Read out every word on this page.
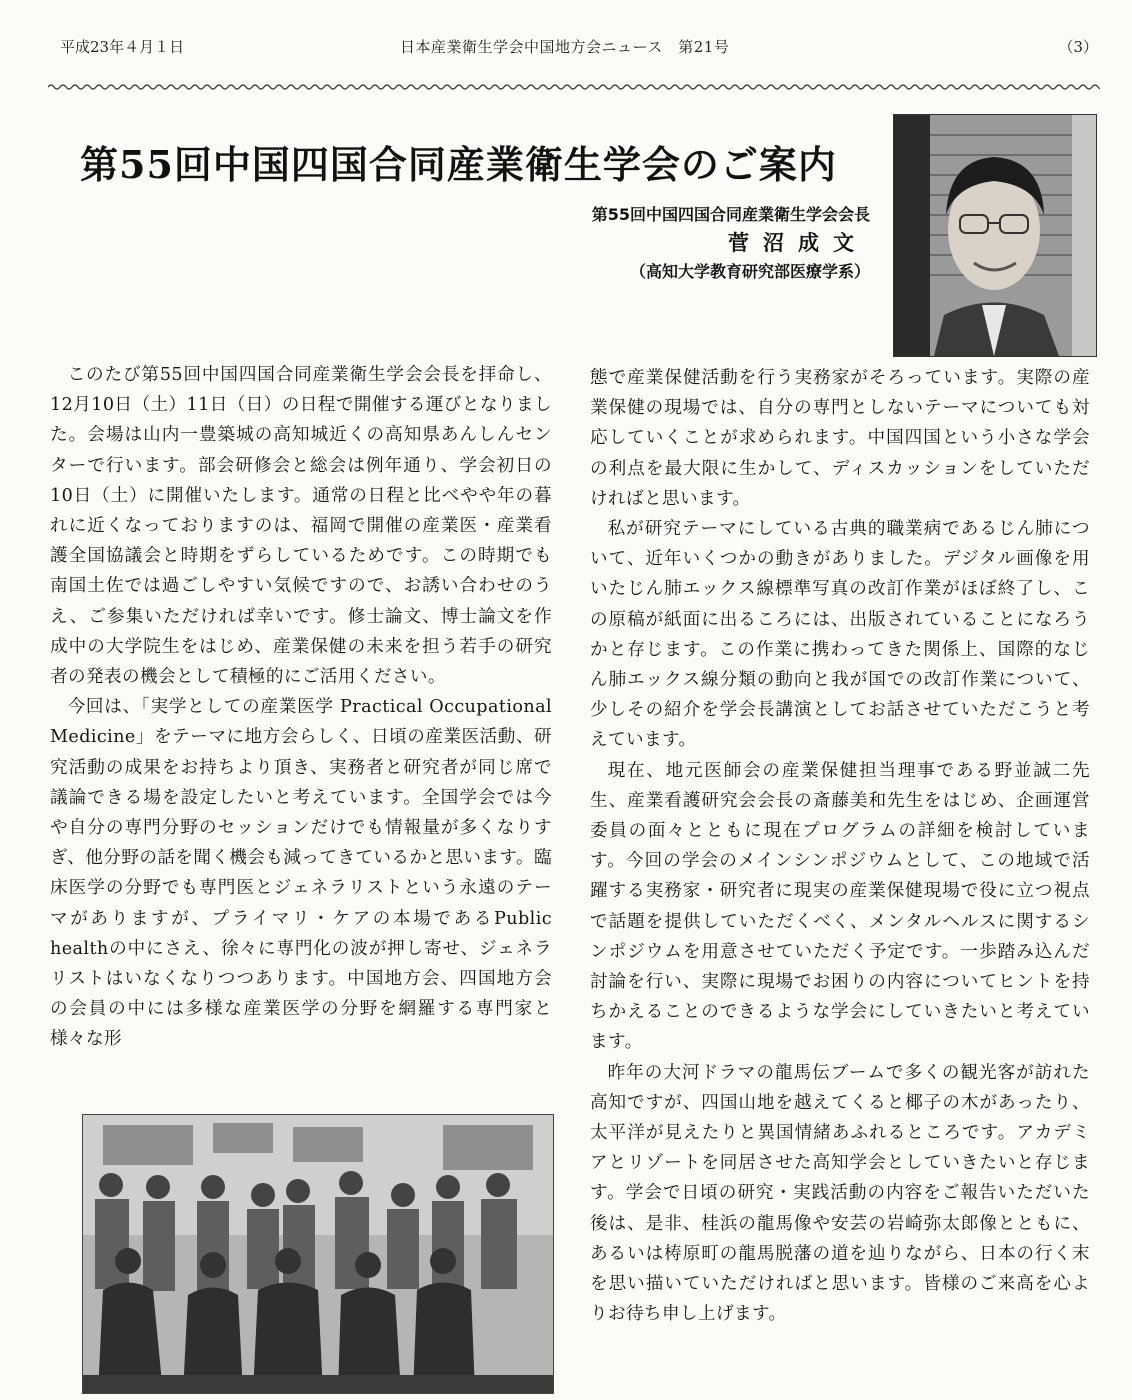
平成23年４月１日	日本産業衛生学会中国地方会ニュース　第21号	（3）
第55回中国四国合同産業衛生学会のご案内
第55回中国四国合同産業衛生学会会長
菅沼成文
（高知大学教育研究部医療学系）

このたび第55回中国四国合同産業衛生学会会長を拝命し、12月10日（土）11日（日）の日程で開催する運びとなりました。会場は山内一豊築城の高知城近くの高知県あんしんセンターで行います。部会研修会と総会は例年通り、学会初日の10日（土）に開催いたします。通常の日程と比べやや年の暮れに近くなっておりますのは、福岡で開催の産業医・産業看護全国協議会と時期をずらしているためです。この時期でも南国土佐では過ごしやすい気候ですので、お誘い合わせのうえ、ご参集いただければ幸いです。修士論文、博士論文を作成中の大学院生をはじめ、産業保健の未来を担う若手の研究者の発表の機会として積極的にご活用ください。

今回は、「実学としての産業医学 Practical Occupational Medicine」をテーマに地方会らしく、日頃の産業医活動、研究活動の成果をお持ちより頂き、実務者と研究者が同じ席で議論できる場を設定したいと考えています。全国学会では今や自分の専門分野のセッションだけでも情報量が多くなりすぎ、他分野の話を聞く機会も減ってきているかと思います。臨床医学の分野でも専門医とジェネラリストという永遠のテーマがありますが、プライマリ・ケアの本場であるPublic healthの中にさえ、徐々に専門化の波が押し寄せ、ジェネラリストはいなくなりつつあります。中国地方会、四国地方会の会員の中には多様な産業医学の分野を網羅する専門家と様々な形

態で産業保健活動を行う実務家がそろっています。実際の産業保健の現場では、自分の専門としないテーマについても対応していくことが求められます。中国四国という小さな学会の利点を最大限に生かして、ディスカッションをしていただければと思います。

私が研究テーマにしている古典的職業病であるじん肺について、近年いくつかの動きがありました。デジタル画像を用いたじん肺エックス線標準写真の改訂作業がほぼ終了し、この原稿が紙面に出るころには、出版されていることになろうかと存じます。この作業に携わってきた関係上、国際的なじん肺エックス線分類の動向と我が国での改訂作業について、少しその紹介を学会長講演としてお話させていただこうと考えています。

現在、地元医師会の産業保健担当理事である野並誠二先生、産業看護研究会会長の斎藤美和先生をはじめ、企画運営委員の面々とともに現在プログラムの詳細を検討しています。今回の学会のメインシンポジウムとして、この地域で活躍する実務家・研究者に現実の産業保健現場で役に立つ視点で話題を提供していただくべく、メンタルヘルスに関するシンポジウムを用意させていただく予定です。一歩踏み込んだ討論を行い、実際に現場でお困りの内容についてヒントを持ちかえることのできるような学会にしていきたいと考えています。

昨年の大河ドラマの龍馬伝ブームで多くの観光客が訪れた高知ですが、四国山地を越えてくると椰子の木があったり、太平洋が見えたりと異国情緒あふれるところです。アカデミアとリゾートを同居させた高知学会としていきたいと存じます。学会で日頃の研究・実践活動の内容をご報告いただいた後は、是非、桂浜の龍馬像や安芸の岩崎弥太郎像とともに、あるいは梼原町の龍馬脱藩の道を辿りながら、日本の行く末を思い描いていただければと思います。皆様のご来高を心よりお待ち申し上げます。
